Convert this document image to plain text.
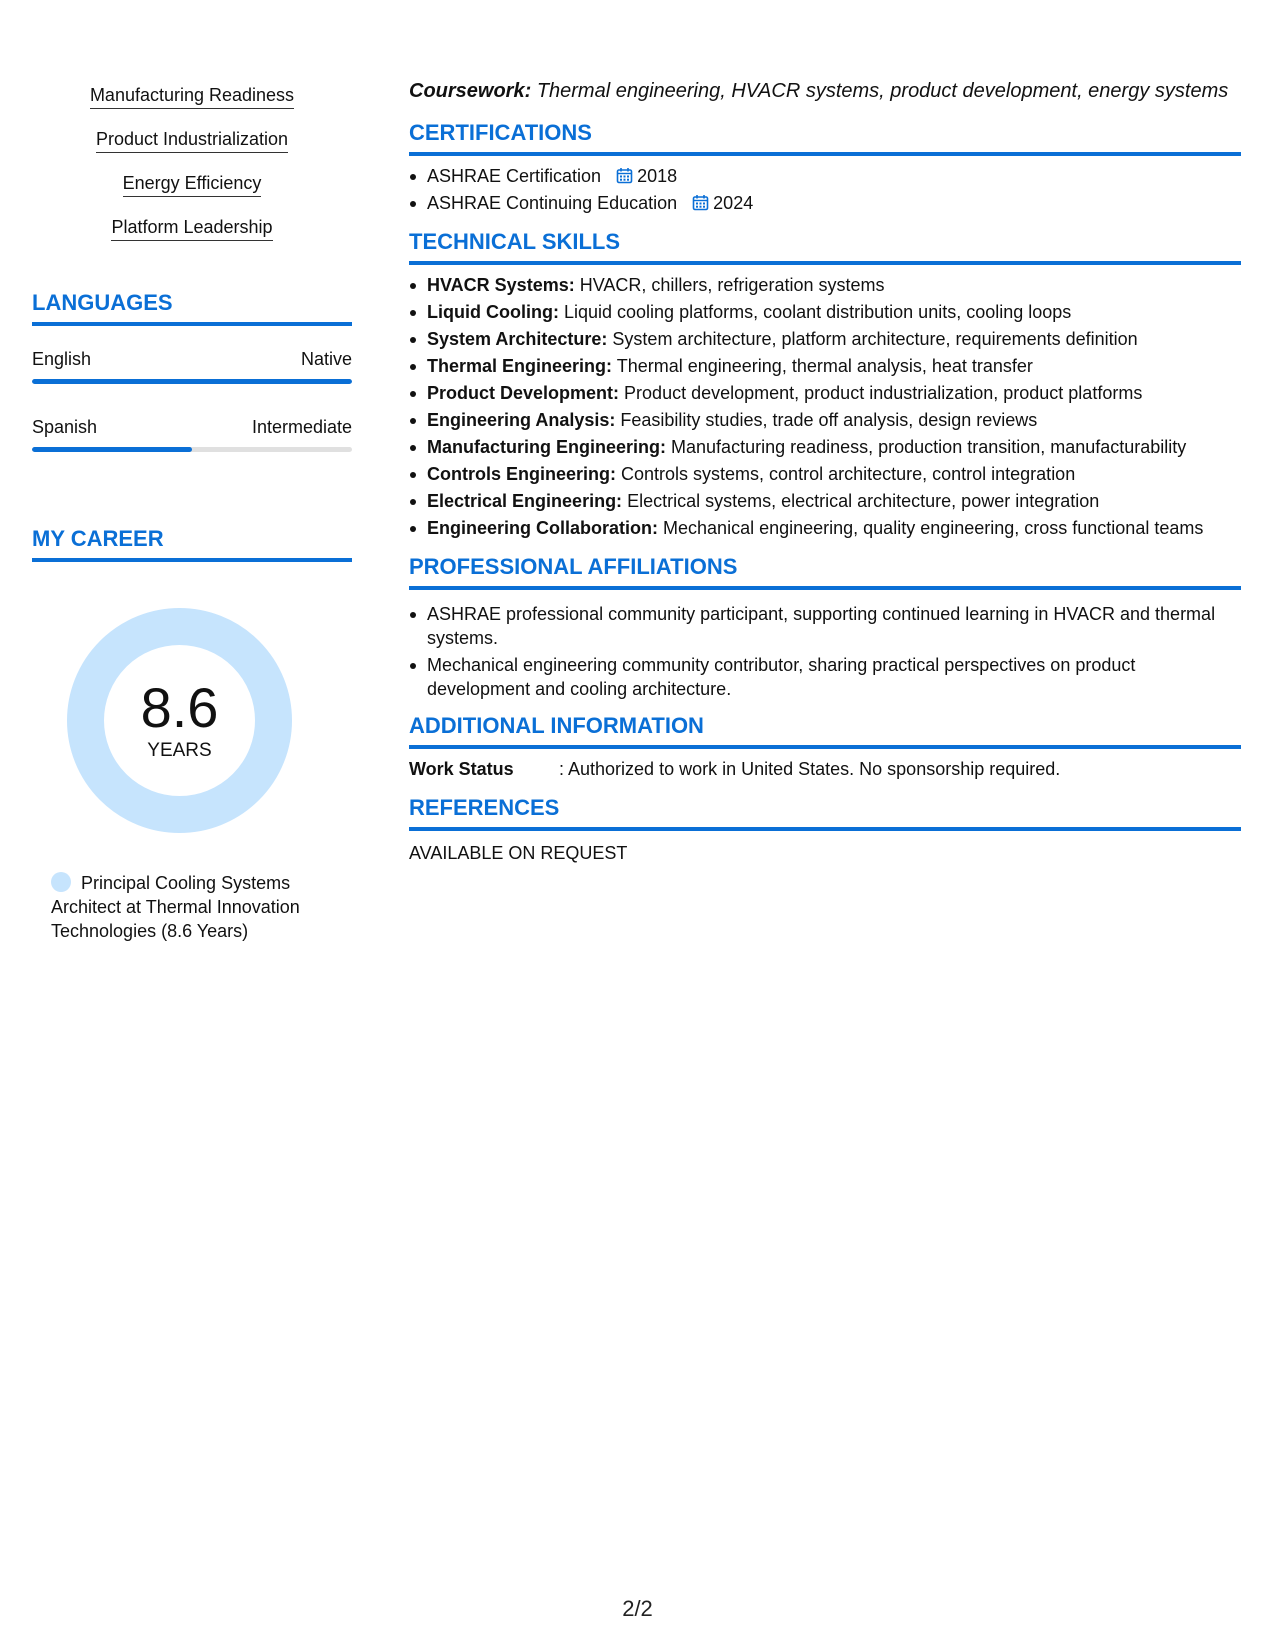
Manufacturing Readiness
Product Industrialization
Energy Efficiency
Platform Leadership
LANGUAGES
English	Native
Spanish	Intermediate
MY CAREER
8.6
YEARS
Principal Cooling Systems Architect at Thermal Innovation Technologies (8.6 Years)
Coursework: Thermal engineering, HVACR systems, product development, energy systems
CERTIFICATIONS
ASHRAE Certification 2018
ASHRAE Continuing Education 2024
TECHNICAL SKILLS
HVACR Systems: HVACR, chillers, refrigeration systems
Liquid Cooling: Liquid cooling platforms, coolant distribution units, cooling loops
System Architecture: System architecture, platform architecture, requirements definition
Thermal Engineering: Thermal engineering, thermal analysis, heat transfer
Product Development: Product development, product industrialization, product platforms
Engineering Analysis: Feasibility studies, trade off analysis, design reviews
Manufacturing Engineering: Manufacturing readiness, production transition, manufacturability
Controls Engineering: Controls systems, control architecture, control integration
Electrical Engineering: Electrical systems, electrical architecture, power integration
Engineering Collaboration: Mechanical engineering, quality engineering, cross functional teams
PROFESSIONAL AFFILIATIONS
ASHRAE professional community participant, supporting continued learning in HVACR and thermal systems.
Mechanical engineering community contributor, sharing practical perspectives on product development and cooling architecture.
ADDITIONAL INFORMATION
Work Status	: Authorized to work in United States. No sponsorship required.
REFERENCES
AVAILABLE ON REQUEST
2/2
